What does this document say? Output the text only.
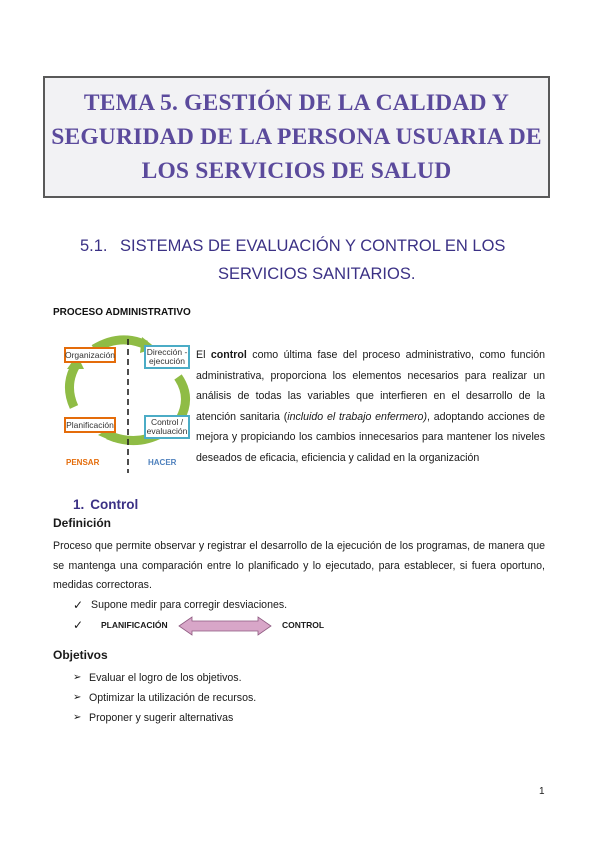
TEMA 5. GESTIÓN DE LA CALIDAD Y
SEGURIDAD DE LA PERSONA USUARIA DE
LOS SERVICIOS DE SALUD
5.1. SISTEMAS DE EVALUACIÓN Y CONTROL EN LOS
SERVICIOS SANITARIOS.
PROCESO ADMINISTRATIVO
Organización	Dirección - ejecución
Planificación	Control / evaluación
PENSAR	HACER

El control como última fase del proceso administrativo, como función administrativa, proporciona los elementos necesarios para realizar un análisis de todas las variables que interfieren en el desarrollo de la atención sanitaria (incluido el trabajo enfermero), adoptando acciones de mejora y propiciando los cambios innecesarios para mantener los niveles deseados de eficacia, eficiencia y calidad en la organización

1. Control
Definición

Proceso que permite observar y registrar el desarrollo de la ejecución de los programas, de manera que se mantenga una comparación entre lo planificado y lo ejecutado, para establecer, si fuera oportuno, medidas correctoras.

✓ Supone medir para corregir desviaciones.
✓	PLANIFICACIÓN	CONTROL
Objetivos
➢ Evaluar el logro de los objetivos.
➢ Optimizar la utilización de recursos.
➢ Proponer y sugerir alternativas
1
